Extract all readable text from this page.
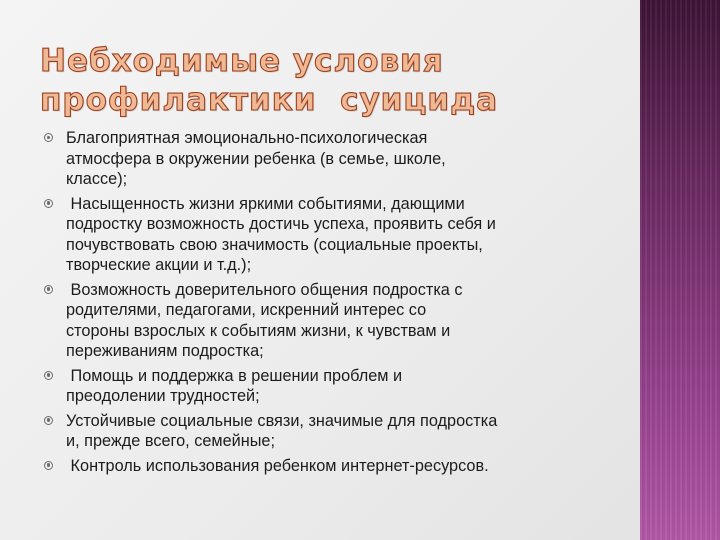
Небходимые условия
профилактики  суицида
Благоприятная эмоционально-психологическая
атмосфера в окружении ребенка (в семье, школе,
классе);
Насыщенность жизни яркими событиями, дающими
подростку возможность достичь успеха, проявить себя и
почувствовать свою значимость (социальные проекты,
творческие акции и т.д.);
Возможность доверительного общения подростка с
родителями, педагогами, искренний интерес со
стороны взрослых к событиям жизни, к чувствам и
переживаниям подростка;
Помощь и поддержка в решении проблем и
преодолении трудностей;
Устойчивые социальные связи, значимые для подростка
и, прежде всего, семейные;
Контроль использования ребенком интернет-ресурсов.
